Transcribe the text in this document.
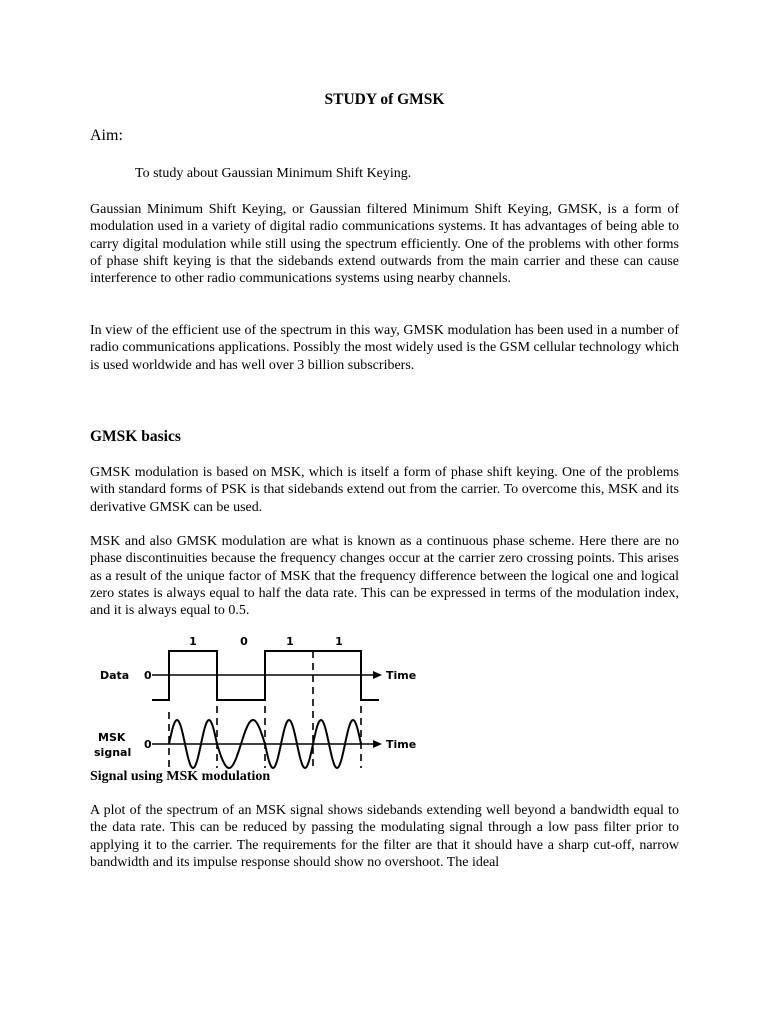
STUDY of GMSK
Aim:

To study about Gaussian Minimum Shift Keying.

Gaussian Minimum Shift Keying, or Gaussian filtered Minimum Shift Keying, GMSK, is a form of modulation used in a variety of digital radio communications systems. It has advantages of being able to carry digital modulation while still using the spectrum efficiently. One of the problems with other forms of phase shift keying is that the sidebands extend outwards from the main carrier and these can cause interference to other radio communications systems using nearby channels.

In view of the efficient use of the spectrum in this way, GMSK modulation has been used in a number of radio communications applications. Possibly the most widely used is the GSM cellular technology which is used worldwide and has well over 3 billion subscribers.

GMSK basics

GMSK modulation is based on MSK, which is itself a form of phase shift keying. One of the problems with standard forms of PSK is that sidebands extend out from the carrier. To overcome this, MSK and its derivative GMSK can be used.

MSK and also GMSK modulation are what is known as a continuous phase scheme. Here there are no phase discontinuities because the frequency changes occur at the carrier zero crossing points. This arises as a result of the unique factor of MSK that the frequency difference between the logical one and logical zero states is always equal to half the data rate. This can be expressed in terms of the modulation index, and it is always equal to 0.5.

1	0	1	1
Data 0	Time
MSK
signal
0	Time

Signal using MSK modulation

A plot of the spectrum of an MSK signal shows sidebands extending well beyond a bandwidth equal to the data rate. This can be reduced by passing the modulating signal through a low pass filter prior to applying it to the carrier. The requirements for the filter are that it should have a sharp cut-off, narrow bandwidth and its impulse response should show no overshoot. The ideal
